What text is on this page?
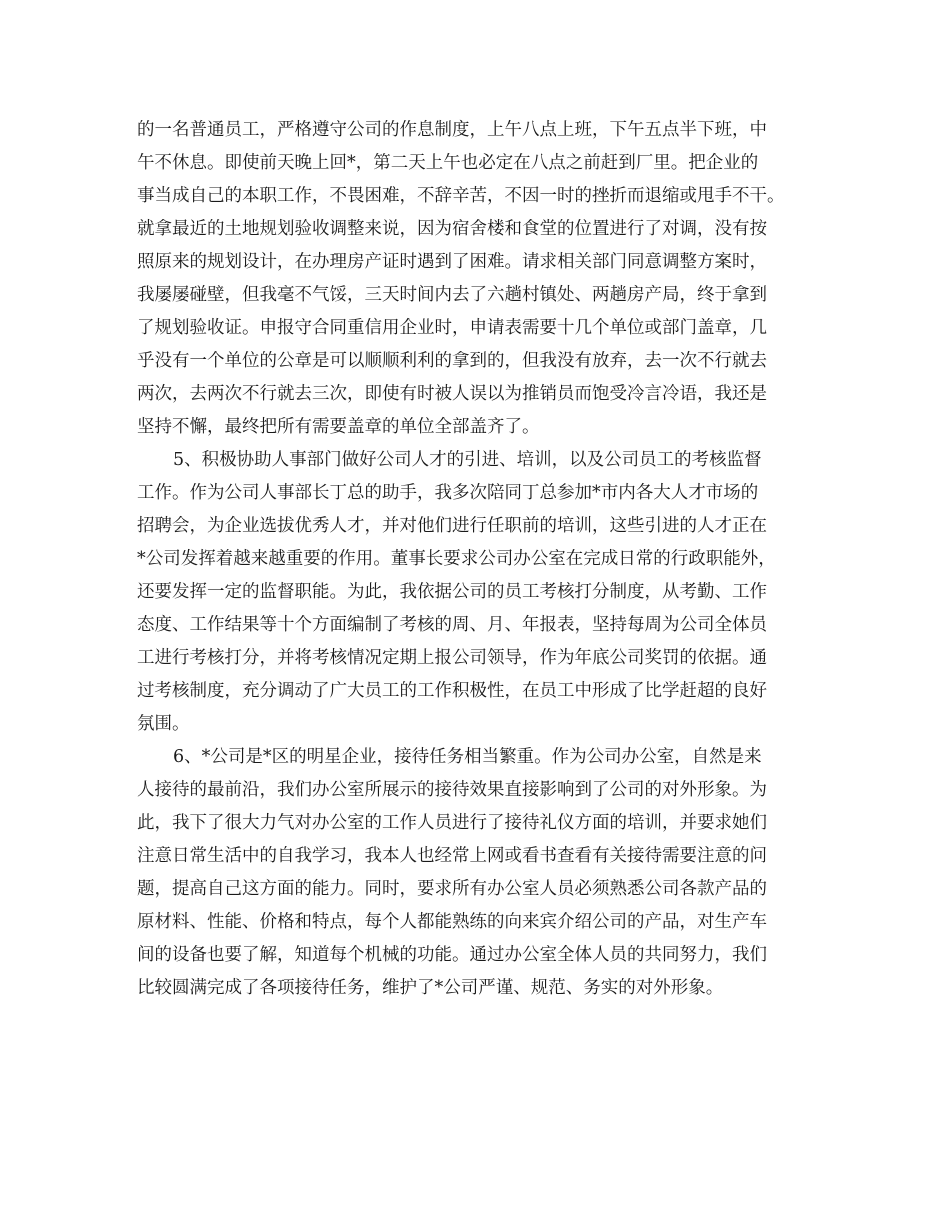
的一名普通员工，严格遵守公司的作息制度，上午八点上班，下午五点半下班，中
午不休息。即使前天晚上回*，第二天上午也必定在八点之前赶到厂里。把企业的
事当成自己的本职工作，不畏困难，不辞辛苦，不因一时的挫折而退缩或甩手不干。
就拿最近的土地规划验收调整来说，因为宿舍楼和食堂的位置进行了对调，没有按
照原来的规划设计，在办理房产证时遇到了困难。请求相关部门同意调整方案时，
我屡屡碰壁，但我毫不气馁，三天时间内去了六趟村镇处、两趟房产局，终于拿到
了规划验收证。申报守合同重信用企业时，申请表需要十几个单位或部门盖章，几
乎没有一个单位的公章是可以顺顺利利的拿到的，但我没有放弃，去一次不行就去
两次，去两次不行就去三次，即使有时被人误以为推销员而饱受冷言冷语，我还是
坚持不懈，最终把所有需要盖章的单位全部盖齐了。
5、积极协助人事部门做好公司人才的引进、培训，以及公司员工的考核监督
工作。作为公司人事部长丁总的助手，我多次陪同丁总参加*市内各大人才市场的
招聘会，为企业选拔优秀人才，并对他们进行任职前的培训，这些引进的人才正在
*公司发挥着越来越重要的作用。董事长要求公司办公室在完成日常的行政职能外，
还要发挥一定的监督职能。为此，我依据公司的员工考核打分制度，从考勤、工作
态度、工作结果等十个方面编制了考核的周、月、年报表，坚持每周为公司全体员
工进行考核打分，并将考核情况定期上报公司领导，作为年底公司奖罚的依据。通
过考核制度，充分调动了广大员工的工作积极性，在员工中形成了比学赶超的良好
氛围。
6、*公司是*区的明星企业，接待任务相当繁重。作为公司办公室，自然是来
人接待的最前沿，我们办公室所展示的接待效果直接影响到了公司的对外形象。为
此，我下了很大力气对办公室的工作人员进行了接待礼仪方面的培训，并要求她们
注意日常生活中的自我学习，我本人也经常上网或看书查看有关接待需要注意的问
题，提高自己这方面的能力。同时，要求所有办公室人员必须熟悉公司各款产品的
原材料、性能、价格和特点，每个人都能熟练的向来宾介绍公司的产品，对生产车
间的设备也要了解，知道每个机械的功能。通过办公室全体人员的共同努力，我们
比较圆满完成了各项接待任务，维护了*公司严谨、规范、务实的对外形象。
